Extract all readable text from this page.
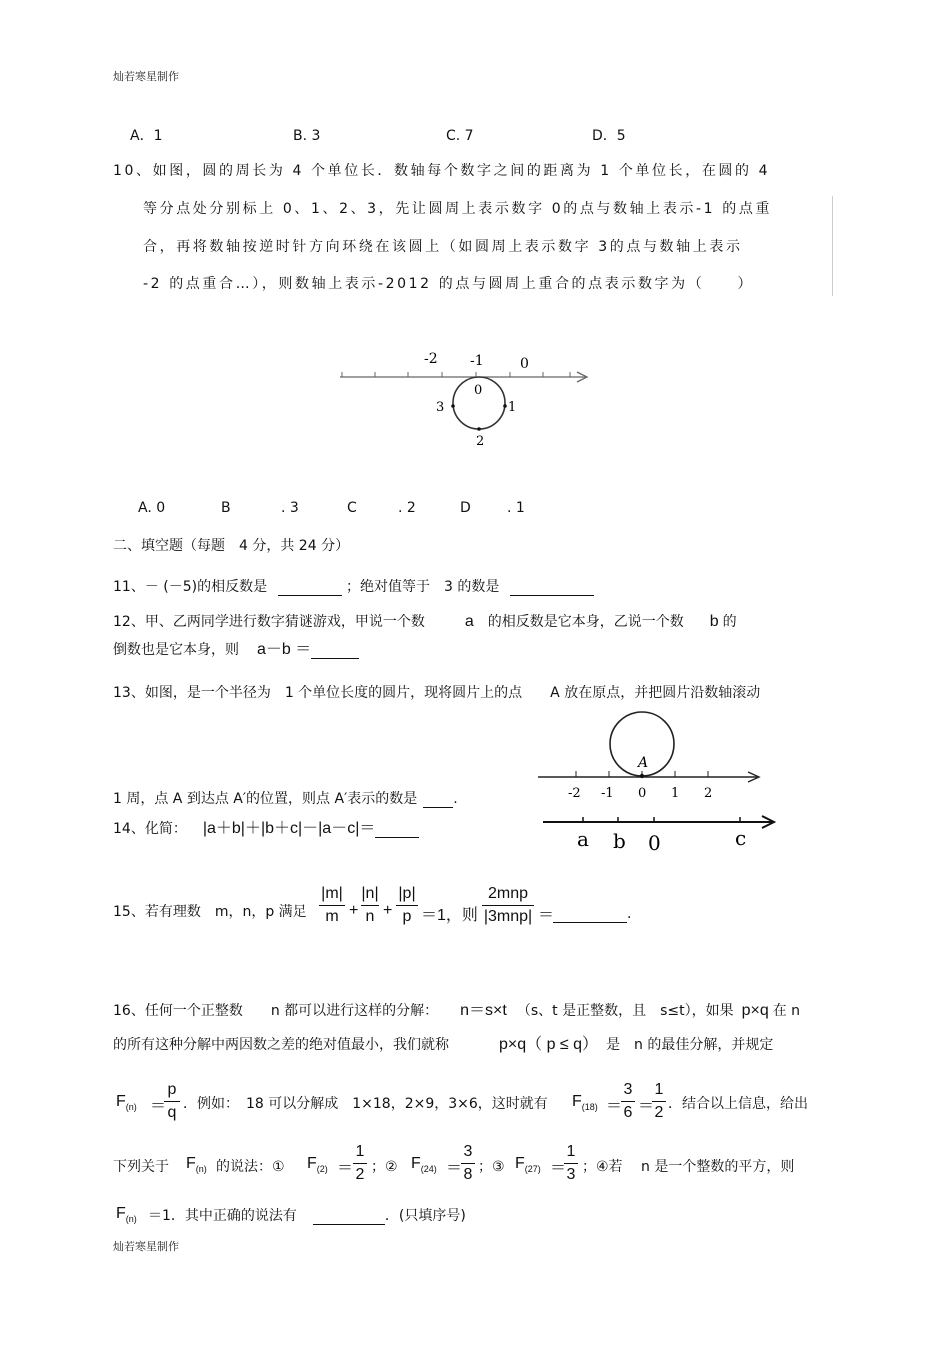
灿若寒星制作
A．1	B. 3	C. 7	D．5
10、如图，圆的周长为 4 个单位长．数轴每个数字之间的距离为 1 个单位长，在圆的 4
等分点处分别标上 0、1、2、3，先让圆周上表示数字 0的点与数轴上表示-1 的点重
合，再将数轴按逆时针方向环绕在该圆上（如圆周上表示数字 3的点与数轴上表示
-2 的点重合…），则数轴上表示-2012 的点与圆周上重合的点表示数字为（　　）
-2 -1	0
0
1
2
3
A. 0	B	. 3	C	. 2	D	. 1
二、填空题（每题　4 分，共 24 分）
11、－ (－5)的相反数是	；绝对值等于　3 的数是
12、甲、乙两同学进行数字猜谜游戏，甲说一个数	a 的相反数是它本身，乙说一个数 b 的
倒数也是它本身，则 a－b ＝
13、如图，是一个半径为　1 个单位长度的圆片，现将圆片上的点　　A 放在原点，并把圆片沿数轴滚动
1 周，点 A 到达点 A′的位置，则点 A′表示的数是	.
A
-2 -1 0 1 2
14、化简： |a＋b|＋|b＋c|－|a－c|＝	a b 0	c
15、若有理数　m，n，p 满足
|m|
m +
|n|
n +
|p|
p ＝1，则
2mnp
|3mnp| ＝	.
16、任何一个正整数　　n 都可以进行这样的分解： n＝s×t （s、t 是正整数，且　s≤t），如果 p×q 在 n
的所有这种分解中两因数之差的绝对值最小，我们就称	p×q（ p ≤ q） 是　n 的最佳分解，并规定
$F_{(n)}$ ＝
p
q ．例如：　18 可以分解成　1×18，2×9，3×6，这时就有 $F_{(18)}$ ＝
3
6 ＝
1
2 ．结合以上信息，给出
下列关于 $F_{(n)}$ 的说法：① $F_{(2)}$ ＝
1
2 ；② $F_{(24)}$ ＝
3
8 ；③ $F_{(27)}$ ＝
1
3 ；④若　 n 是一个整数的平方，则
$F_{(n)} =1$．其中正确的说法有	．(只填序号)
灿若寒星制作
